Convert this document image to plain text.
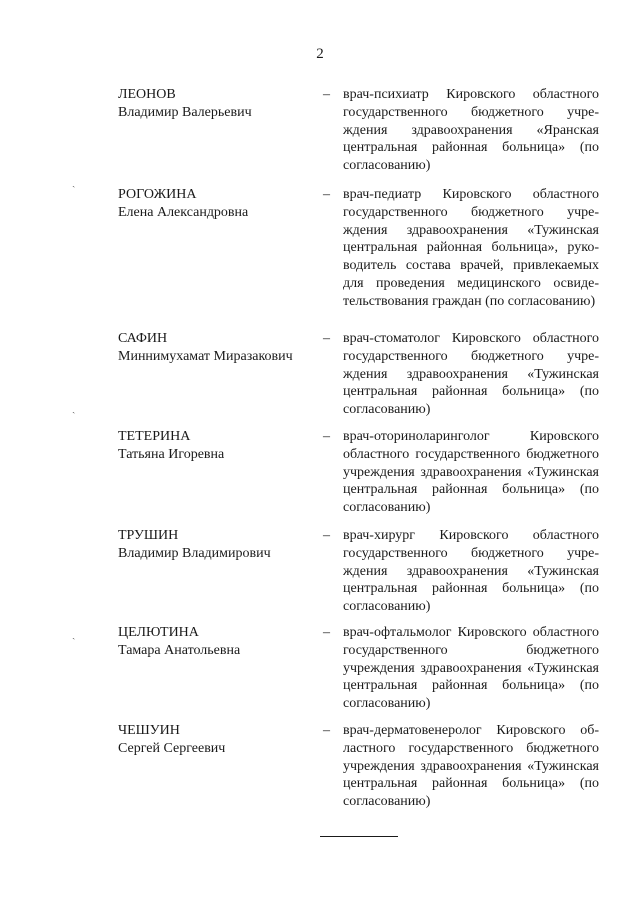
2
ˏ
ˏ
ˏ
ЛЕОНОВ
Владимир Валерьевич
– врач-психиатр Кировского областного государственного бюджетного учреждения здравоохранения «Яранская центральная районная больница» (по согласованию)
РОГОЖИНА
Елена Александровна
– врач-педиатр Кировского областного государственного бюджетного учреждения здравоохранения «Тужинская центральная районная больница», руководитель состава врачей, привлекаемых для проведения медицинского освидетельствования граждан (по согласованию)
САФИН
Миннимухамат Миразакович
– врач-стоматолог Кировского областного государственного бюджетного учреждения здравоохранения «Тужинская центральная районная больница» (по согласованию)
ТЕТЕРИНА
Татьяна Игоревна
– врач-оториноларинголог Кировского областного государственного бюджетного учреждения здравоохранения «Тужинская центральная районная больница» (по согласованию)
ТРУШИН
Владимир Владимирович
– врач-хирург Кировского областного государственного бюджетного учреждения здравоохранения «Тужинская центральная районная больница» (по согласованию)
ЦЕЛЮТИНА
Тамара Анатольевна
– врач-офтальмолог Кировского областного государственного бюджетного учреждения здравоохранения «Тужинская центральная районная больница» (по согласованию)
ЧЕШУИН
Сергей Сергеевич
– врач-дерматовенеролог Кировского областного государственного бюджетного учреждения здравоохранения «Тужинская центральная районная больница» (по согласованию)
